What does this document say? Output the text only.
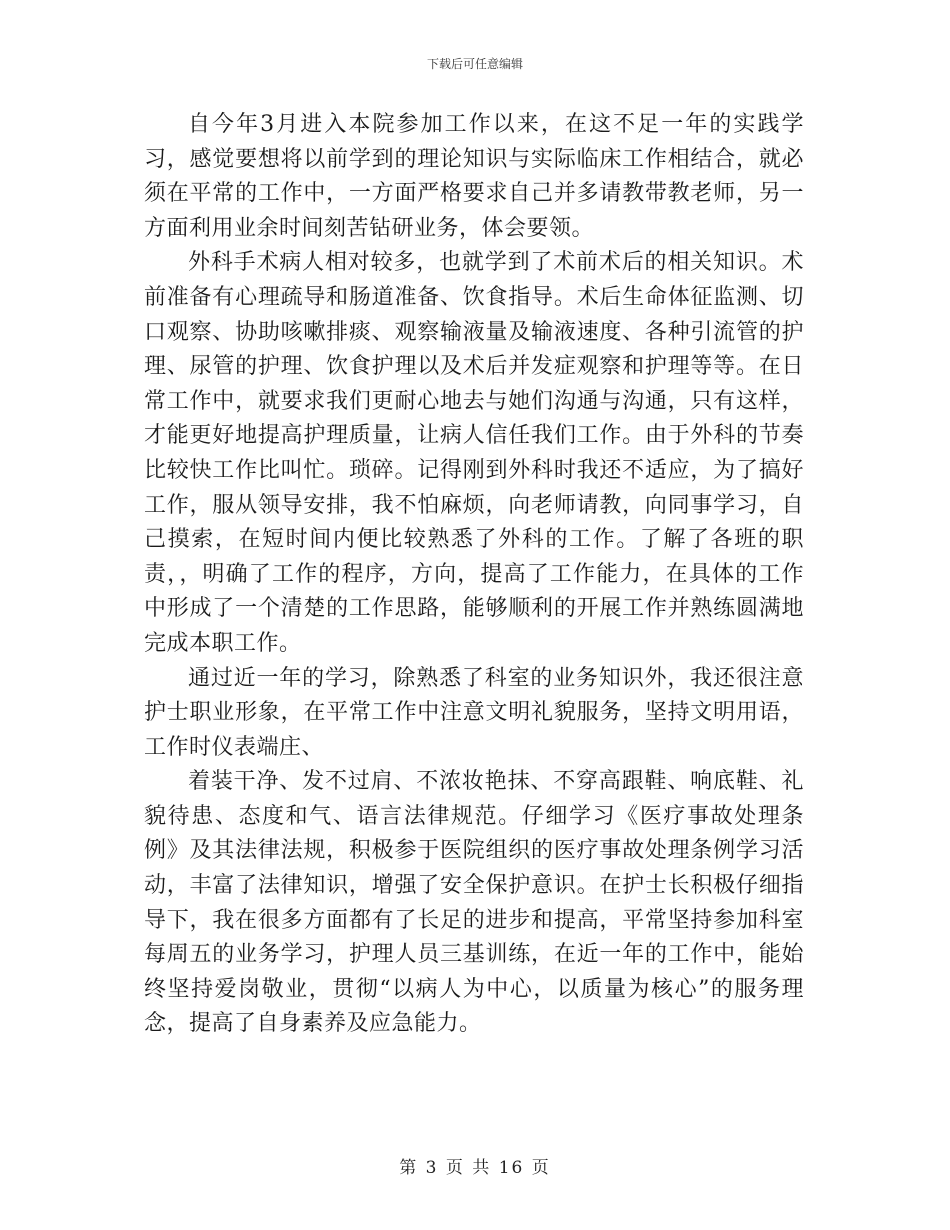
下载后可任意编辑

自今年3月进入本院参加工作以来，在这不足一年的实践学习，感觉要想将以前学到的理论知识与实际临床工作相结合，就必须在平常的工作中，一方面严格要求自己并多请教带教老师，另一方面利用业余时间刻苦钻研业务，体会要领。

外科手术病人相对较多，也就学到了术前术后的相关知识。术前准备有心理疏导和肠道准备、饮食指导。术后生命体征监测、切口观察、协助咳嗽排痰、观察输液量及输液速度、各种引流管的护理、尿管的护理、饮食护理以及术后并发症观察和护理等等。在日常工作中，就要求我们更耐心地去与她们沟通与沟通，只有这样，才能更好地提高护理质量，让病人信任我们工作。由于外科的节奏比较快工作比叫忙。琐碎。记得刚到外科时我还不适应，为了搞好工作，服从领导安排，我不怕麻烦，向老师请教，向同事学习，自己摸索，在短时间内便比较熟悉了外科的工作。了解了各班的职责，，明确了工作的程序，方向，提高了工作能力，在具体的工作中形成了一个清楚的工作思路，能够顺利的开展工作并熟练圆满地完成本职工作。

通过近一年的学习，除熟悉了科室的业务知识外，我还很注意护士职业形象，在平常工作中注意文明礼貌服务，坚持文明用语，工作时仪表端庄、

着装干净、发不过肩、不浓妆艳抹、不穿高跟鞋、响底鞋、礼貌待患、态度和气、语言法律规范。仔细学习《医疗事故处理条例》及其法律法规，积极参于医院组织的医疗事故处理条例学习活动，丰富了法律知识，增强了安全保护意识。在护士长积极仔细指导下，我在很多方面都有了长足的进步和提高，平常坚持参加科室每周五的业务学习，护理人员三基训练，在近一年的工作中，能始终坚持爱岗敬业，贯彻“以病人为中心，以质量为核心”的服务理念，提高了自身素养及应急能力。

第 3 页 共 16 页
